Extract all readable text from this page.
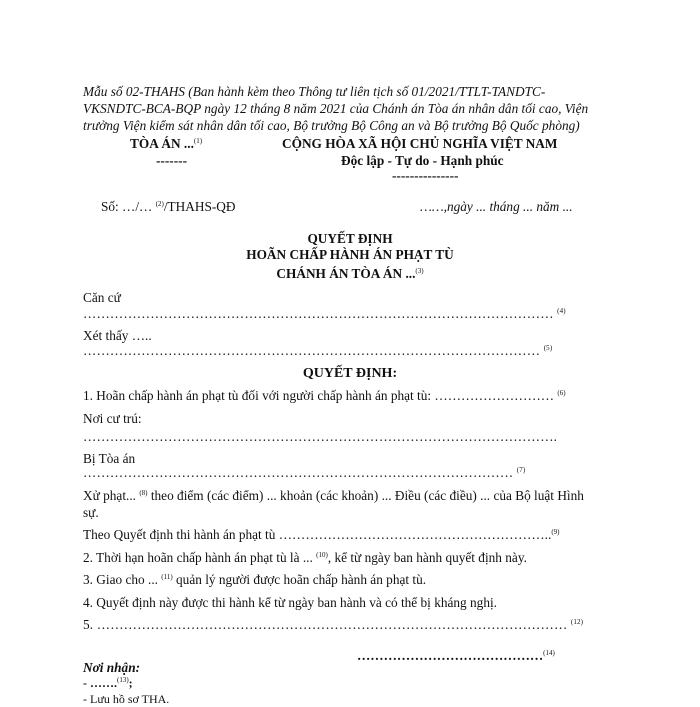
Mẫu số 02-THAHS (Ban hành kèm theo Thông tư liên tịch số 01/2021/TTLT-TANDTC-
VKSNDTC-BCA-BQP ngày 12 tháng 8 năm 2021 của Chánh án Tòa án nhân dân tối cao, Viện
trưởng Viện kiểm sát nhân dân tối cao, Bộ trưởng Bộ Công an và Bộ trưởng Bộ Quốc phòng)
TÒA ÁN ...$^{(1)}$
-------
CỘNG HÒA XÃ HỘI CHỦ NGHĨA VIỆT NAM
Độc lập - Tự do - Hạnh phúc
---------------
Số: …/… $^{(2)}$/THAHS-QĐ	……,ngày ... tháng ... năm ...
QUYẾT ĐỊNH
HOÃN CHẤP HÀNH ÁN PHẠT TÙ
CHÁNH ÁN TÒA ÁN ...$^{(3)}$
Căn cứ
…………………………………………………………………………………………… $^{(4)}$
Xét thấy …..
………………………………………………………………………………………… $^{(5)}$
QUYẾT ĐỊNH:
1. Hoãn chấp hành án phạt tù đối với người chấp hành án phạt tù: ……………………… $^{(6)}$
Nơi cư trú:
…………………………………………………………………………………………….
Bị Tòa án
…………………………………………………………………………………… $^{(7)}$
Xử phạt... $^{(8)}$ theo điểm (các điểm) ... khoản (các khoản) ... Điều (các điều) ... của Bộ luật Hình
sự.
Theo Quyết định thi hành án phạt tù ……………………………………………………..$^{(9)}$
2. Thời hạn hoãn chấp hành án phạt tù là ... $^{(10)}$, kể từ ngày ban hành quyết định này.
3. Giao cho ... $^{(11)}$ quản lý người được hoãn chấp hành án phạt tù.
4. Quyết định này được thi hành kể từ ngày ban hành và có thể bị kháng nghị.
5. …………………………………………………………………………………………… $^{(12)}$
……………………………………$^{(14)}$
Nơi nhận:
- …….$^{(13)}$;
- Lưu hồ sơ THA.
